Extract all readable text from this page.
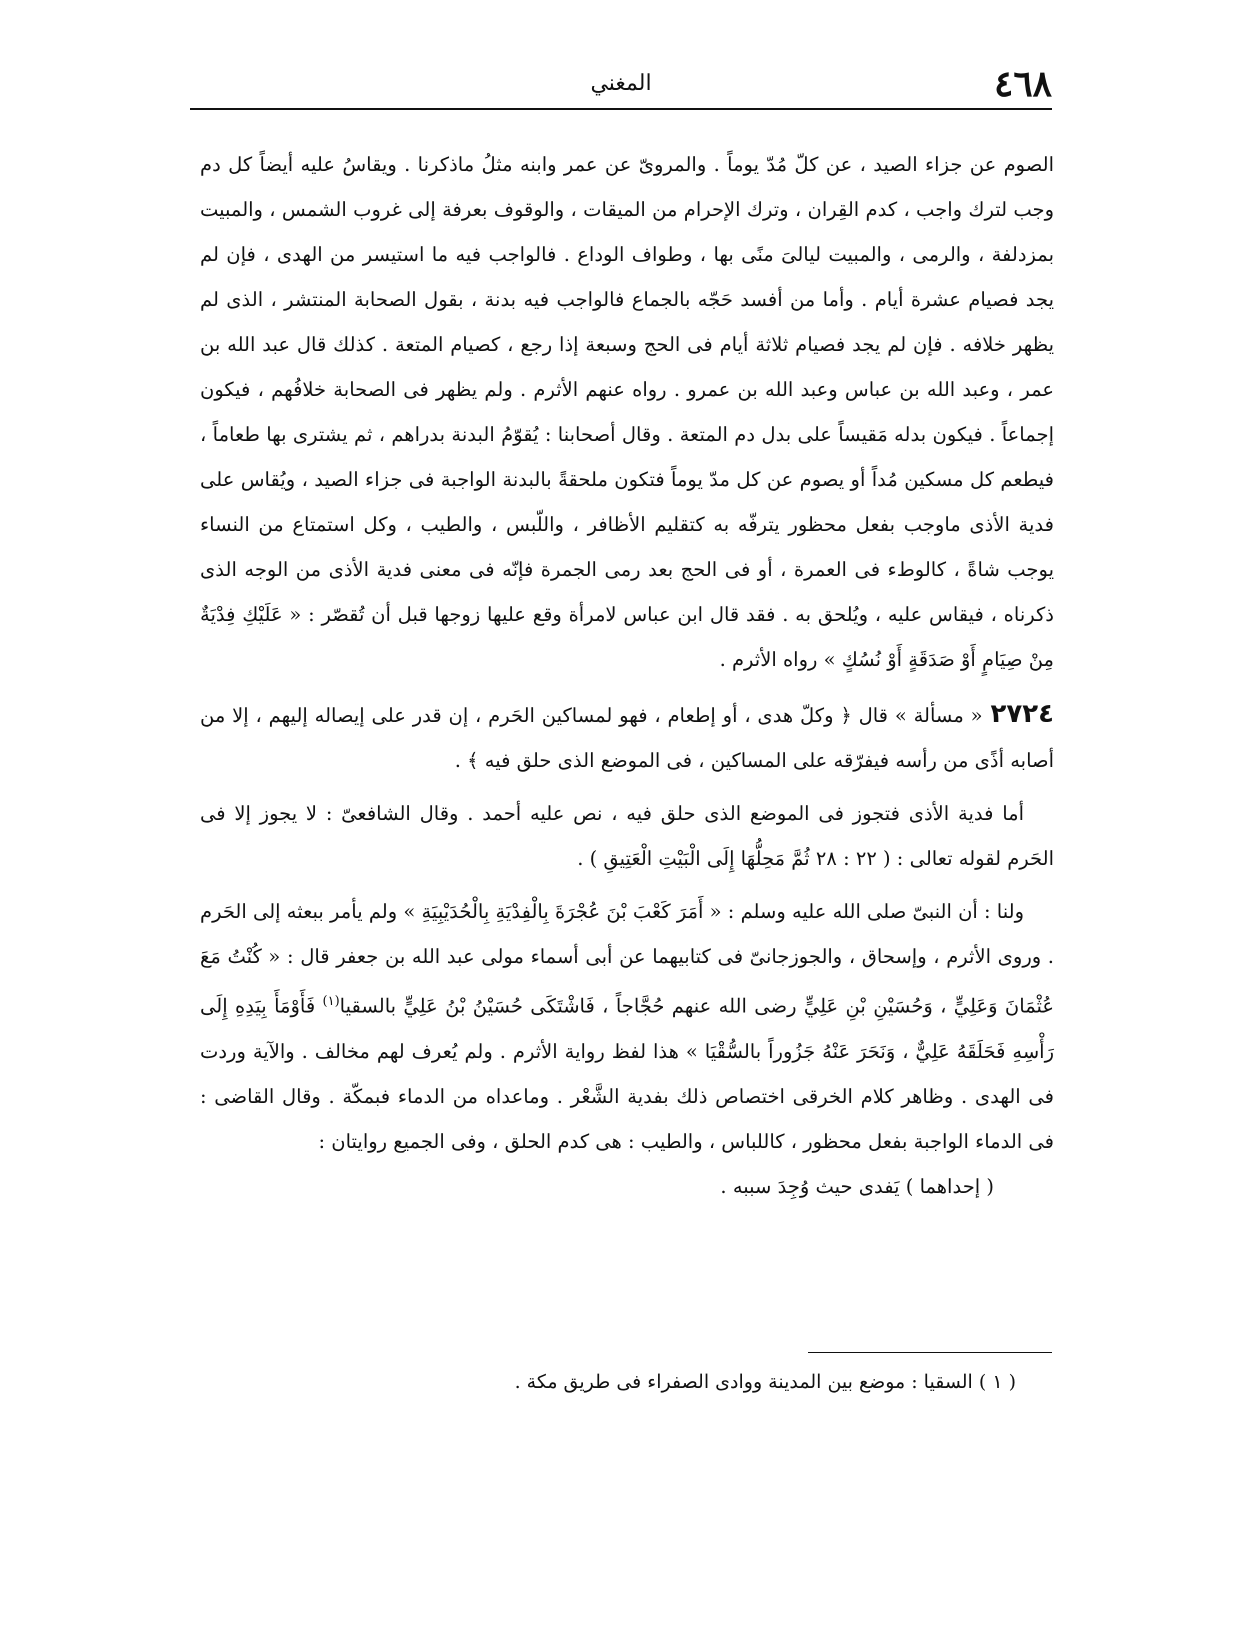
٤٦٨
المغني

الصوم عن جزاء الصيد ، عن كلّ مُدّ يوماً . والمروىّ عن عمر وابنه مثلُ ماذكرنا . ويقاسُ عليه أيضاً كل دم وجب لترك واجب ، كدم القِران ، وترك الإحرام من الميقات ، والوقوف بعرفة إلى غروب الشمس ، والمبيت بمزدلفة ، والرمى ، والمبيت ليالىَ منًى بها ، وطواف الوداع . فالواجب فيه ما استيسر من الهدى ، فإن لم يجد فصيام عشرة أيام . وأما من أفسد حَجّه بالجماع فالواجب فيه بدنة ، بقول الصحابة المنتشر ، الذى لم يظهر خلافه . فإن لم يجد فصيام ثلاثة أيام فى الحج وسبعة إذا رجع ، كصيام المتعة . كذلك قال عبد الله بن عمر ، وعبد الله بن عباس وعبد الله بن عمرو . رواه عنهم الأثرم . ولم يظهر فى الصحابة خلافُهم ، فيكون إجماعاً . فيكون بدله مَقيساً على بدل دم المتعة . وقال أصحابنا : يُقوّمُ البدنة بدراهم ، ثم يشترى بها طعاماً ، فيطعم كل مسكين مُداً أو يصوم عن كل مدّ يوماً فتكون ملحقةً بالبدنة الواجبة فى جزاء الصيد ، ويُقاس على فدية الأذى ماوجب بفعل محظور يترفّه به كتقليم الأظافر ، واللّبس ، والطيب ، وكل استمتاع من النساء يوجب شاةً ، كالوطء فى العمرة ، أو فى الحج بعد رمى الجمرة فإنّه فى معنى فدية الأذى من الوجه الذى ذكرناه ، فيقاس عليه ، ويُلحق به . فقد قال ابن عباس لامرأة وقع عليها زوجها قبل أن تُقصّر : « عَلَيْكِ فِدْيَةٌ مِنْ صِيَامٍ أَوْ صَدَقَةٍ أَوْ نُسُكٍ » رواه الأثرم .

٢٧٢٤« مسألة » قال ﴿ وكلّ هدى ، أو إطعام ، فهو لمساكين الحَرم ، إن قدر على إيصاله إليهم ، إلا من أصابه أذًى من رأسه فيفرّقه على المساكين ، فى الموضع الذى حلق فيه ﴾ .

أما فدية الأذى فتجوز فى الموضع الذى حلق فيه ، نص عليه أحمد . وقال الشافعىّ : لا يجوز إلا فى الحَرم لقوله تعالى : ( ٢٢ : ٢٨ ثُمَّ مَحِلُّهَا إِلَى الْبَيْتِ الْعَتِيقِ ) .

ولنا : أن النبىّ صلى الله عليه وسلم : « أَمَرَ كَعْبَ بْنَ عُجْرَةَ بِالْفِدْيَةِ بِالْحُدَيْبِيَةِ » ولم يأمر ببعثه إلى الحَرم . وروى الأثرم ، وإسحاق ، والجوزجانىّ فى كتابيهما عن أبى أسماء مولى عبد الله بن جعفر قال : « كُنْتُ مَعَ عُثْمَانَ وَعَلِيٍّ ، وَحُسَيْنِ بْنِ عَلِيٍّ رضى الله عنهم حُجَّاجاً ، فَاشْتَكَى حُسَيْنُ بْنُ عَلِيٍّ بالسقيا$^{(١)}$ فَأَوْمَأَ بِيَدِهِ إِلَى رَأْسِهِ فَحَلَقَهُ عَلِيٌّ ، وَنَحَرَ عَنْهُ جَزُوراً بالسُّقْيَا » هذا لفظ رواية الأثرم . ولم يُعرف لهم مخالف . والآية وردت فى الهدى . وظاهر كلام الخرقى اختصاص ذلك بفدية الشَّعْر . وماعداه من الدماء فبمكّة . وقال القاضى : فى الدماء الواجبة بفعل محظور ، كاللباس ، والطيب : هى كدم الحلق ، وفى الجميع روايتان :

( إحداهما ) يَفدى حيث وُجِدَ سببه .

( ١ ) السقيا : موضع بين المدينة ووادى الصفراء فى طريق مكة .
